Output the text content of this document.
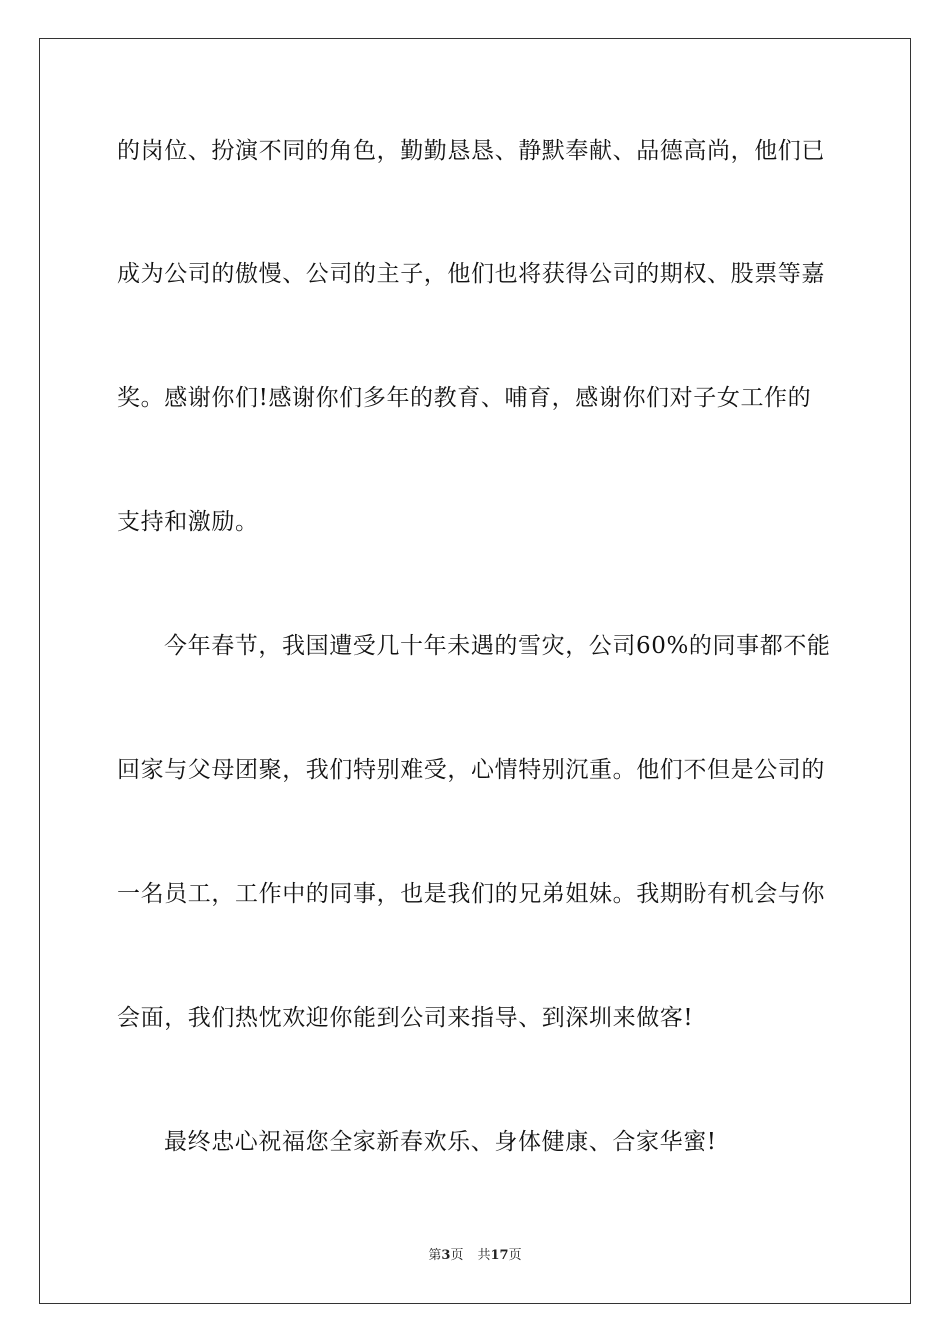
的岗位、扮演不同的角色，勤勤恳恳、静默奉献、品德高尚，他们已
成为公司的傲慢、公司的主子，他们也将获得公司的期权、股票等嘉
奖。感谢你们!感谢你们多年的教育、哺育，感谢你们对子女工作的
支持和激励。
今年春节，我国遭受几十年未遇的雪灾，公司60%的同事都不能
回家与父母团聚，我们特别难受，心情特别沉重。他们不但是公司的
一名员工，工作中的同事，也是我们的兄弟姐妹。我期盼有机会与你
会面，我们热忱欢迎你能到公司来指导、到深圳来做客!
最终忠心祝福您全家新春欢乐、身体健康、合家华蜜!
第3页 共17页
